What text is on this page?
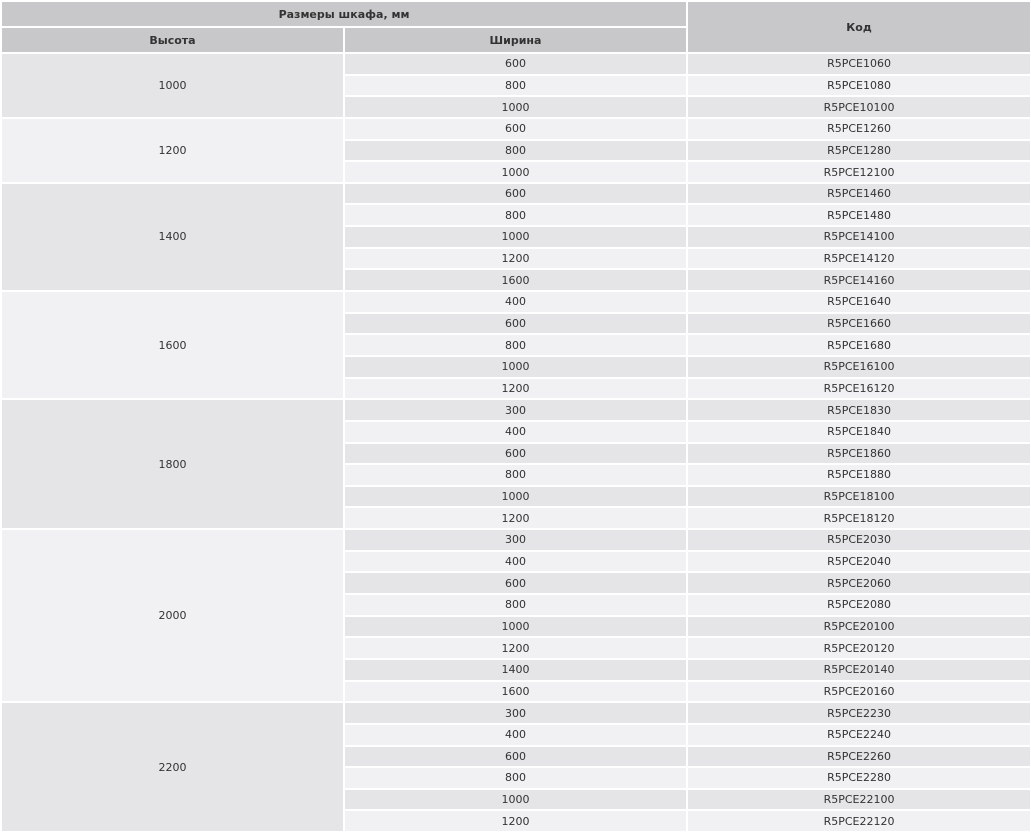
Размеры шкафа, мм		Код
Высота	Ширина	
1000	600	R5PCE1060
	800	R5PCE1080
	1000	R5PCE10100
1200	600	R5PCE1260
	800	R5PCE1280
	1000	R5PCE12100
1400	600	R5PCE1460
	800	R5PCE1480
	1000	R5PCE14100
	1200	R5PCE14120
	1600	R5PCE14160
1600	400	R5PCE1640
	600	R5PCE1660
	800	R5PCE1680
	1000	R5PCE16100
	1200	R5PCE16120
1800	300	R5PCE1830
	400	R5PCE1840
	600	R5PCE1860
	800	R5PCE1880
	1000	R5PCE18100
	1200	R5PCE18120
2000	300	R5PCE2030
	400	R5PCE2040
	600	R5PCE2060
	800	R5PCE2080
	1000	R5PCE20100
	1200	R5PCE20120
	1400	R5PCE20140
	1600	R5PCE20160
2200	300	R5PCE2230
	400	R5PCE2240
	600	R5PCE2260
	800	R5PCE2280
	1000	R5PCE22100
	1200	R5PCE22120
